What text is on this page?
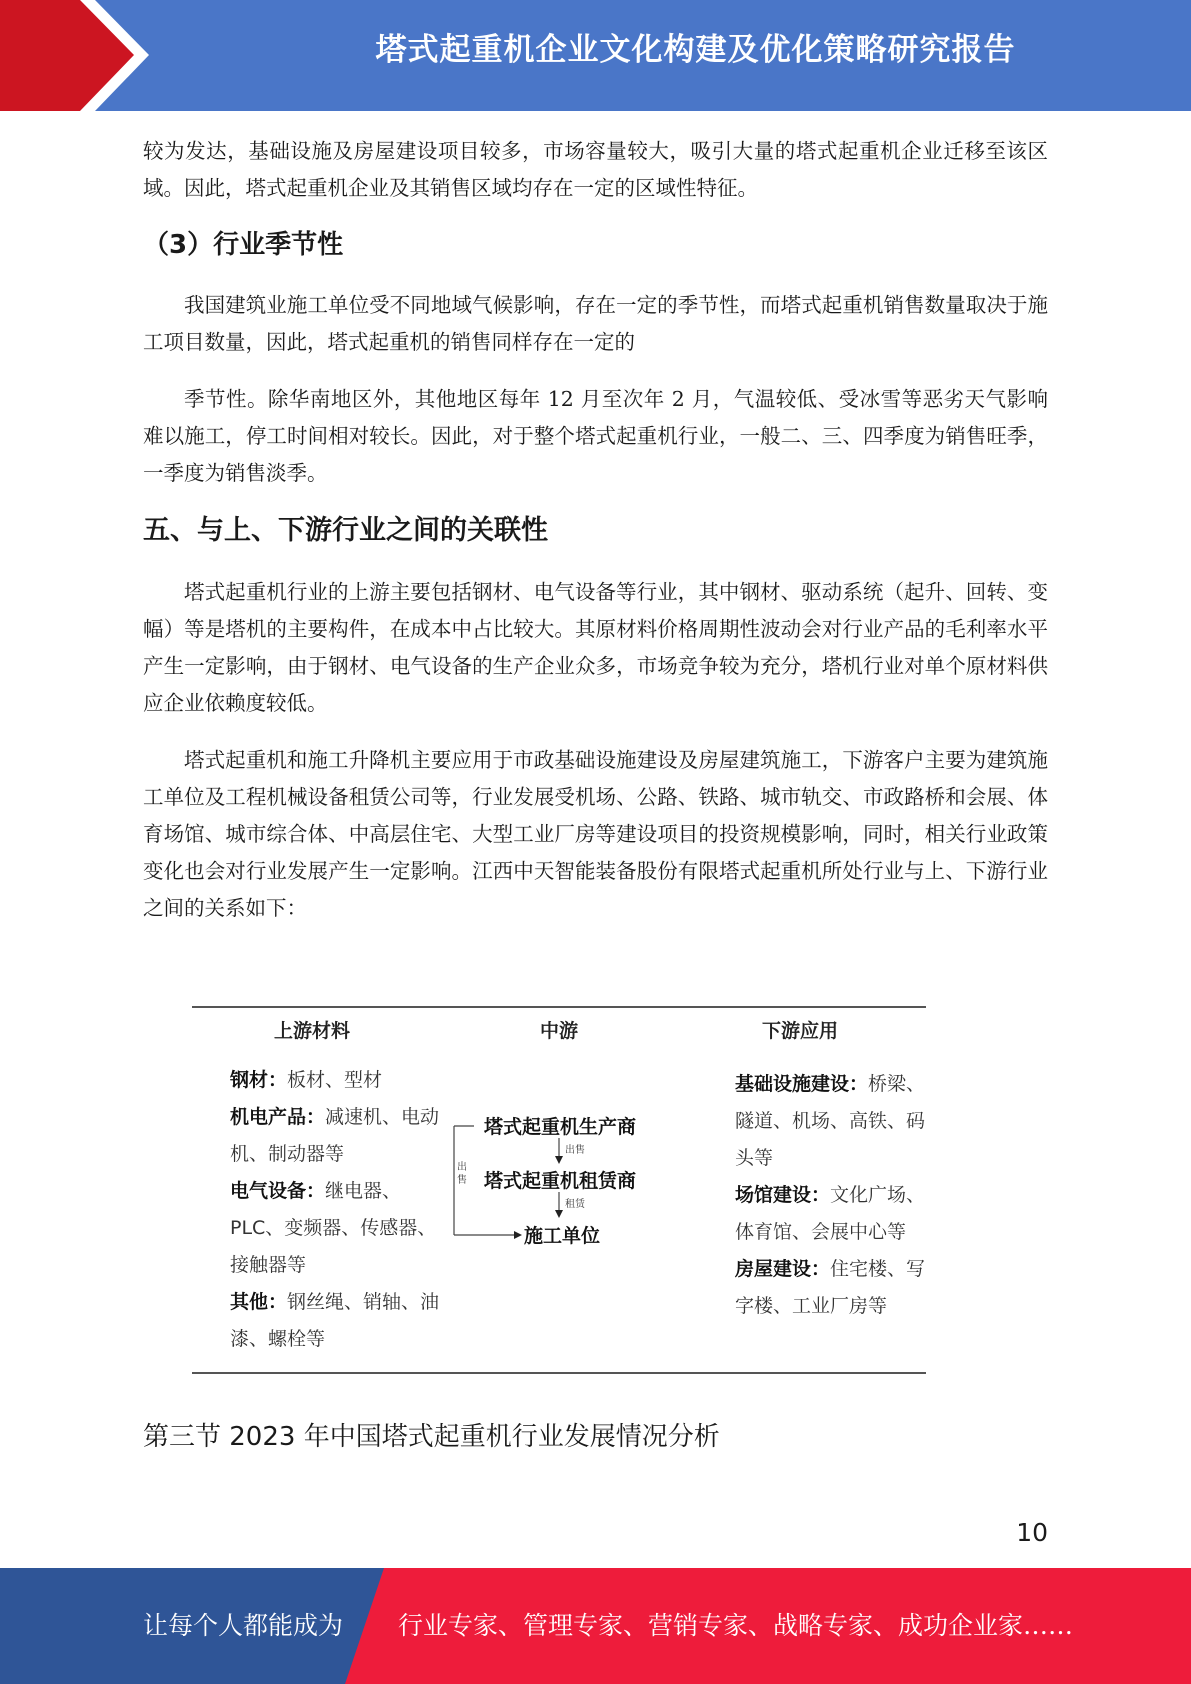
塔式起重机企业文化构建及优化策略研究报告

较为发达，基础设施及房屋建设项目较多，市场容量较大，吸引大量的塔式起重机企业迁移至该区域。因此，塔式起重机企业及其销售区域均存在一定的区域性特征。

（3）行业季节性

我国建筑业施工单位受不同地域气候影响，存在一定的季节性，而塔式起重机销售数量取决于施工项目数量，因此，塔式起重机的销售同样存在一定的

季节性。除华南地区外，其他地区每年 12 月至次年 2 月，气温较低、受冰雪等恶劣天气影响难以施工，停工时间相对较长。因此，对于整个塔式起重机行业，一般二、三、四季度为销售旺季，一季度为销售淡季。

五、与上、下游行业之间的关联性

塔式起重机行业的上游主要包括钢材、电气设备等行业，其中钢材、驱动系统（起升、回转、变幅）等是塔机的主要构件，在成本中占比较大。其原材料价格周期性波动会对行业产品的毛利率水平产生一定影响，由于钢材、电气设备的生产企业众多，市场竞争较为充分，塔机行业对单个原材料供应企业依赖度较低。

塔式起重机和施工升降机主要应用于市政基础设施建设及房屋建筑施工，下游客户主要为建筑施工单位及工程机械设备租赁公司等，行业发展受机场、公路、铁路、城市轨交、市政路桥和会展、体育场馆、城市综合体、中高层住宅、大型工业厂房等建设项目的投资规模影响，同时，相关行业政策变化也会对行业发展产生一定影响。江西中天智能装备股份有限塔式起重机所处行业与上、下游行业之间的关系如下：

上游材料	中游	下游应用
钢材：板材、型材
机电产品：减速机、电动机、制动器等
电气设备：继电器、PLC、变频器、传感器、接触器等
其他：钢丝绳、销轴、油漆、螺栓等
塔式起重机生产商
出售
塔式起重机租赁商
租赁
施工单位
出售
基础设施建设：桥梁、隧道、机场、高铁、码头等
场馆建设：文化广场、体育馆、会展中心等
房屋建设：住宅楼、写字楼、工业厂房等
第三节 2023 年中国塔式起重机行业发展情况分析
10
让每个人都能成为 行业专家、管理专家、营销专家、战略专家、成功企业家……
